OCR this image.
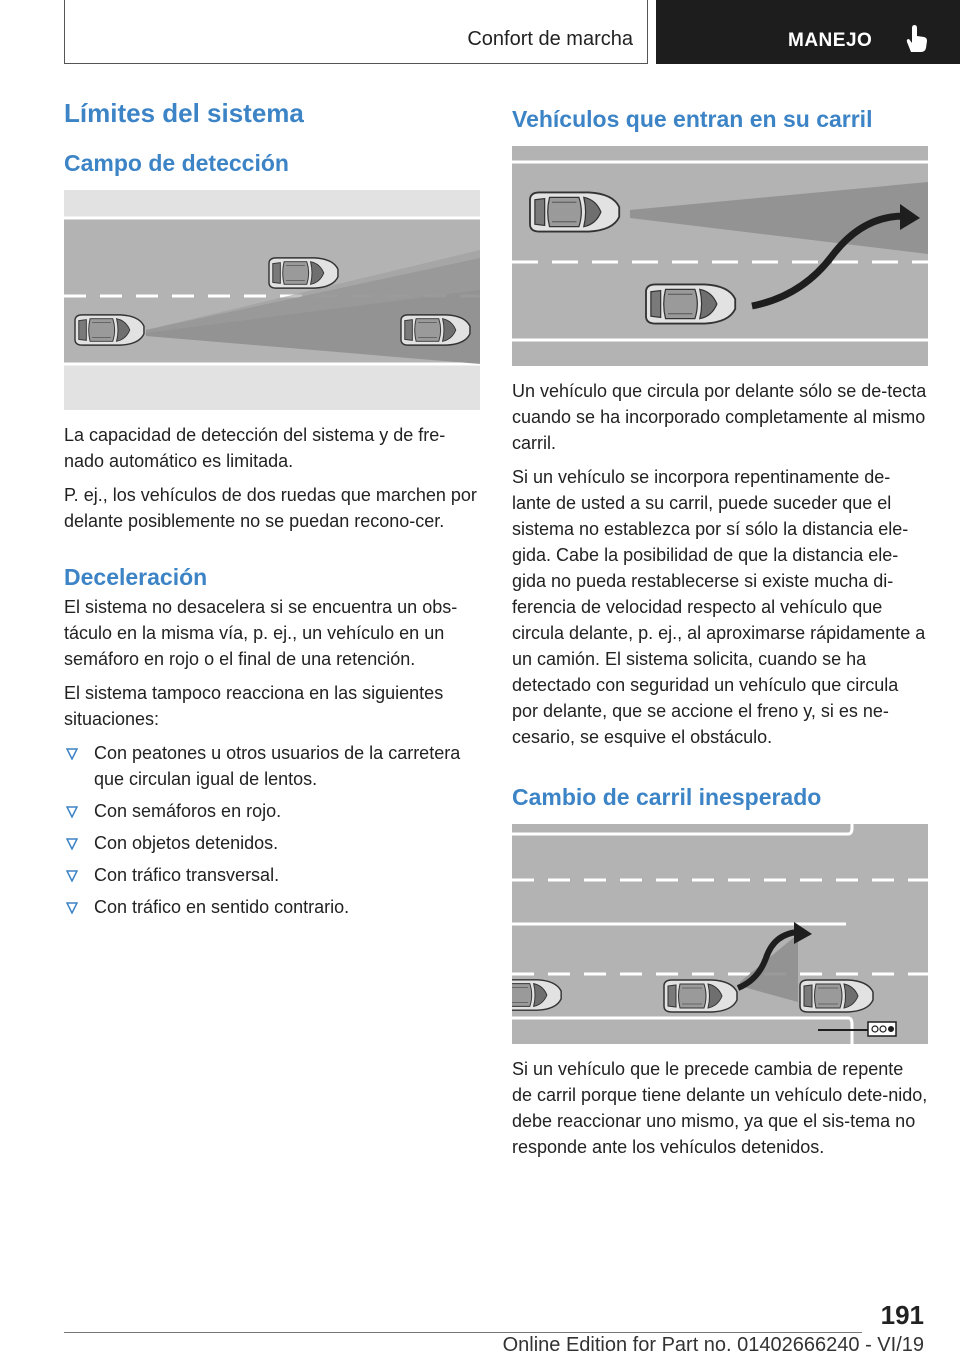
Confort de marcha	MANEJO
Límites del sistema
Campo de detección

La capacidad de detección del sistema y de fre-nado automático es limitada.

P. ej., los vehículos de dos ruedas que marchen por delante posiblemente no se puedan recono-cer.

Deceleración

El sistema no desacelera si se encuentra un obs-táculo en la misma vía, p. ej., un vehículo en un semáforo en rojo o el final de una retención.

El sistema tampoco reacciona en las siguientes situaciones:

Con peatones u otros usuarios de la carretera que circulan igual de lentos.
Con semáforos en rojo.
Con objetos detenidos.
Con tráfico transversal.
Con tráfico en sentido contrario.
Vehículos que entran en su carril

Un vehículo que circula por delante sólo se de-tecta cuando se ha incorporado completamente al mismo carril.

Si un vehículo se incorpora repentinamente de-lante de usted a su carril, puede suceder que el sistema no establezca por sí sólo la distancia ele-gida. Cabe la posibilidad de que la distancia ele-gida no pueda restablecerse si existe mucha di-ferencia de velocidad respecto al vehículo que circula delante, p. ej., al aproximarse rápidamente a un camión. El sistema solicita, cuando se ha detectado con seguridad un vehículo que circula por delante, que se accione el freno y, si es ne-cesario, se esquive el obstáculo.

Cambio de carril inesperado

Si un vehículo que le precede cambia de repente de carril porque tiene delante un vehículo dete-nido, debe reaccionar uno mismo, ya que el sis-tema no responde ante los vehículos detenidos.

191
Online Edition for Part no. 01402666240 - VI/19
